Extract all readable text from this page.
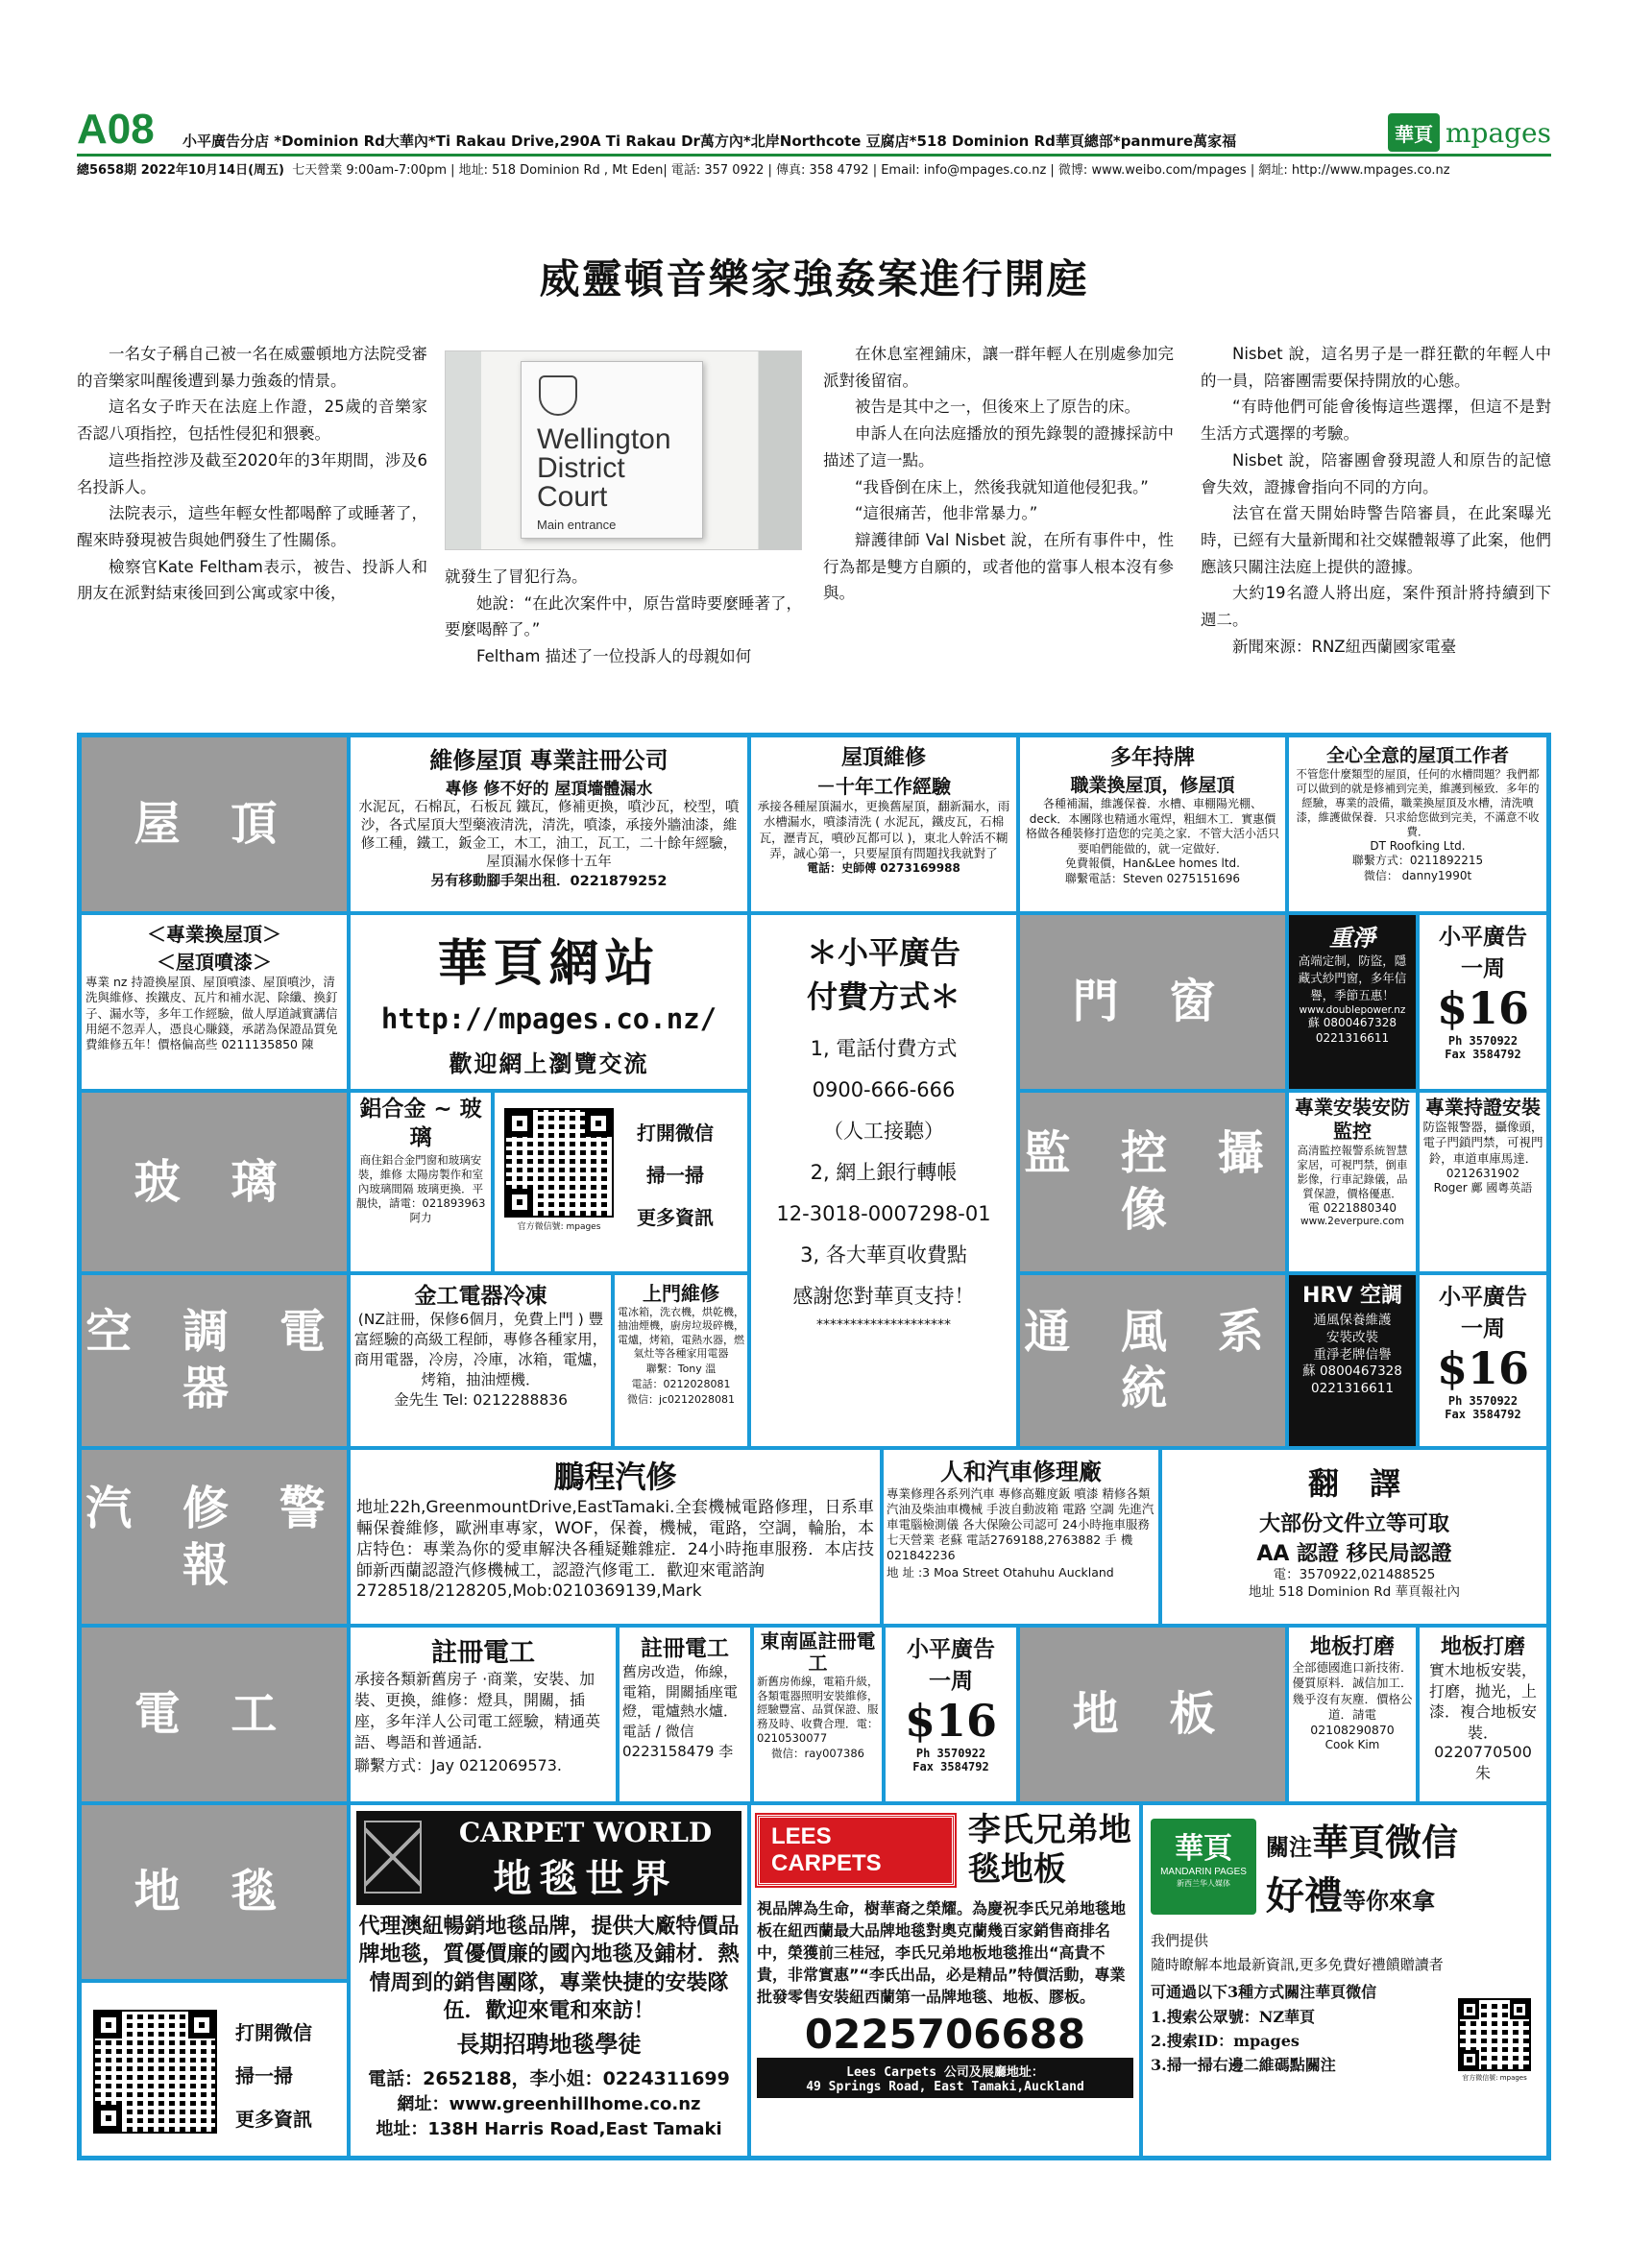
A08 小平廣告分店 *Dominion Rd大華內*Ti Rakau Drive,290A Ti Rakau Dr萬方內*北岸Northcote 豆腐店*518 Dominion Rd華頁總部*panmure萬家福	華頁 mpages
總5658期 2022年10月14日(周五) 七天營業 9:00am-7:00pm | 地址: 518 Dominion Rd , Mt Eden| 電話: 357 0922 | 傳真: 358 4792 | Email: info@mpages.co.nz | 微博: www.weibo.com/mpages | 網址: http://www.mpages.co.nz
威靈頓音樂家強姦案進行開庭

一名女子稱自己被一名在威靈頓地方法院受審的音樂家叫醒後遭到暴力強姦的情景。

這名女子昨天在法庭上作證，25歲的音樂家否認八項指控，包括性侵犯和猥褻。

這些指控涉及截至2020年的3年期間，涉及6名投訴人。

法院表示，這些年輕女性都喝醉了或睡著了，醒來時發現被告與她們發生了性關係。

檢察官Kate Feltham表示，被告、投訴人和朋友在派對結束後回到公寓或家中後，

Wellington
District
Court
Main entrance

就發生了冒犯行為。

她說：“在此次案件中，原告當時要麼睡著了，要麼喝醉了。”

Feltham 描述了一位投訴人的母親如何

在休息室裡鋪床，讓一群年輕人在別處參加完派對後留宿。

被告是其中之一，但後來上了原告的床。

申訴人在向法庭播放的預先錄製的證據採訪中描述了這一點。

“我昏倒在床上，然後我就知道他侵犯我。”

“這很痛苦，他非常暴力。”

辯護律師 Val Nisbet 說，在所有事件中，性行為都是雙方自願的，或者他的當事人根本沒有參與。

Nisbet 說，這名男子是一群狂歡的年輕人中的一員，陪審團需要保持開放的心態。

“有時他們可能會後悔這些選擇，但這不是對生活方式選擇的考驗。

Nisbet 說，陪審團會發現證人和原告的記憶會失效，證據會指向不同的方向。

法官在當天開始時警告陪審員，在此案曝光時，已經有大量新聞和社交媒體報導了此案，他們應該只關注法庭上提供的證據。

大約19名證人將出庭，案件預計將持續到下週二。

新聞來源：RNZ紐西蘭國家電臺

屋 頂
維修屋頂 專業註冊公司
專修 修不好的 屋頂墻體漏水
水泥瓦，石棉瓦，石板瓦 鐵瓦，修補更換，噴沙瓦，校型，噴沙，各式屋頂大型藥液清洗，清洗，噴漆，承接外牆油漆，維修工種，鐵工，鈑金工，木工，油工，瓦工，二十餘年經驗，屋頂漏水保修十五年
另有移動腳手架出租．0221879252
屋頂維修
－十年工作經驗
承接各種屋頂漏水，更換舊屋頂，翻新漏水，雨水槽漏水，噴漆清洗 ( 水泥瓦，鐵皮瓦，石棉瓦，瀝青瓦，噴砂瓦都可以 )，東北人幹活不糊弄，誠心第一，只要屋頂有問題找我就對了
電話：史師傅 0273169988
多年持牌
職業換屋頂，修屋頂
各種補漏，維護保養．水槽、車棚陽光棚、deck．本團隊也精通水電焊，粗細木工．實惠價格做各種裝修打造您的完美之家．不管大活小活只要咱們能做的，就一定做好．
免費報價，Han&Lee homes ltd.
聯繫電話：Steven 0275151696
全心全意的屋頂工作者
不管您什麼類型的屋頂，任何的水槽問題？我們都可以做到的就是修補到完美，維護到極致．多年的經驗，專業的設備，職業換屋頂及水槽，清洗噴漆，維護做保養．只求給您做到完美，不滿意不收費．
DT Roofking Ltd.
聯繫方式：0211892215
微信： danny1990t
＜專業換屋頂＞
＜屋頂噴漆＞
專業 nz 持證換屋頂、屋頂噴漆、屋頂噴沙，清洗與維修、挨鐵皮、瓦片和補水泥、除纖、換釘子、漏水等，多年工作經驗，做人厚道誠實講信用絕不忽弄人，憑良心賺錢，承諾為保證品質免費維修五年！價格偏高些 0211135850 陳
華頁網站
http://mpages.co.nz/
歡迎網上瀏覽交流
＊小平廣告
付費方式＊
1, 電話付費方式
0900-666-666
（人工接聽）
2, 網上銀行轉帳
12-3018-0007298-01
3, 各大華頁收費點
感謝您對華頁支持！
********************
門 窗
重淨
高端定制，防盜，隱藏式紗門窗，多年信譽，季節五惠！
www.doublepower.nz
蘇 0800467328
0221316611
小平廣告
一周
$16
Ph 3570922
Fax 3584792
玻 璃
鋁合金 ~ 玻璃
商住鋁合金門窗和玻璃安裝，維修 太陽房製作和室內玻璃間隔 玻璃更換．平靚快，請電：021893963 阿力
官方微信號: mpages
打開微信
掃一掃
更多資訊
監 控 攝 像
專業安裝安防監控
高清監控報警系統智慧家居，可視門禁，倒車影像，行車記錄儀，品質保證，價格優惠．
電 0221880340
www.2everpure.com
專業持證安裝
防盜報警器，攝像頭，電子門鎖門禁，可視門鈴，車道車庫馬達．
0212631902
Roger 鄺 國粵英語
空 調 電 器
金工電器冷凍
(NZ註冊，保修6個月，免費上門 ) 豐富經驗的高級工程師，專修各種家用，商用電器，冷房，冷庫，冰箱，電爐，烤箱，抽油煙機．
金先生 Tel: 0212288836
上門維修
電冰箱，洗衣機，烘乾機，抽油煙機，廚房垃圾碎機，電爐，烤箱，電熱水器，燃氣灶等各種家用電器
聯繫：Tony 溫
電話：0212028081
微信：jc0212028081
通 風 系 統
HRV 空調
通風保養維護
安裝改裝
重淨老牌信譽
蘇 0800467328
0221316611
小平廣告
一周
$16
Ph 3570922
Fax 3584792
汽 修 警 報
鵬程汽修
地址22h,GreenmountDrive,EastTamaki.全套機械電路修理，日系車輛保養維修，歐洲車專家，WOF，保養，機械，電路，空調，輪胎，本店特色：專業為你的愛車解決各種疑難雜症．24小時拖車服務．本店技師新西蘭認證汽修機械工，認證汽修電工．歡迎來電諮詢
2728518/2128205,Mob:0210369139,Mark
人和汽車修理廠
專業修理各系列汽車 專修高難度鈑 噴漆 精修各類汽油及柴油車機械 手波自動波箱 電路 空調 先進汽車電腦檢測儀 各大保險公司認可 24小時拖車服務 七天營業 老蘇 電話2769188,2763882 手 機 021842236
地 址 :3 Moa Street Otahuhu Auckland
翻　譯
大部份文件立等可取
AA 認證 移民局認證
電：3570922,021488525
地址 518 Dominion Rd 華頁報社內
電 工
註冊電工
承接各類新舊房子 ·商業，安裝、加裝、更換，維修：燈具，開關，插座，多年洋人公司電工經驗，精通英語、粵語和普通話．
聯繫方式：Jay 0212069573.
註冊電工
舊房改造，佈線，電箱，開關插座電燈，電爐熱水爐．電話 / 微信 0223158479 李
東南區註冊電工
新舊房佈線，電箱升級，各類電器照明安裝維修，經驗豐富、品質保證、服務及時、收費合理．電：0210530077
微信：ray007386
小平廣告
一周
$16
Ph 3570922
Fax 3584792
地 板
地板打磨
全部德國進口新技術．優質原料．誠信加工．幾乎沒有灰塵．價格公道．請電 02108290870
Cook Kim
地板打磨
實木地板安裝，打磨，拋光，上漆．複合地板安裝．
0220770500
朱
地 毯
打開微信
掃一掃
更多資訊
CARPET WORLD
地毯世界
代理澳紐暢銷地毯品牌，提供大廠特價品牌地毯，質優價廉的國內地毯及鋪材．熱情周到的銷售團隊，專業快捷的安裝隊伍．歡迎來電和來訪！
長期招聘地毯學徒
電話：2652188，李小姐：0224311699
網址：www.greenhillhome.co.nz
地址：138H Harris Road,East Tamaki
LEES CARPETS
李氏兄弟地毯地板
視品牌為生命，樹華裔之榮耀。為慶祝李氏兄弟地毯地板在紐西蘭最大品牌地毯對奧克蘭幾百家銷售商排名中，榮獲前三桂冠，李氏兄弟地板地毯推出“高貴不貴，非常實惠”“李氏出品，必是精品”特價活動，專業批發零售安裝紐西蘭第一品牌地毯、地板、膠板。
0225706688
Lees Carpets 公司及展廳地址：
49 Springs Road, East Tamaki,Auckland
華頁
MANDARIN PAGES
新西兰华人媒体
關注華頁微信
好禮等你來拿
我們提供
隨時瞭解本地最新資訊,更多免費好禮饋贈讀者
可通過以下3種方式關注華頁微信
1.搜索公眾號：NZ華頁
2.搜索ID：mpages
3.掃一掃右邊二維碼點關注
官方微信號: mpages
